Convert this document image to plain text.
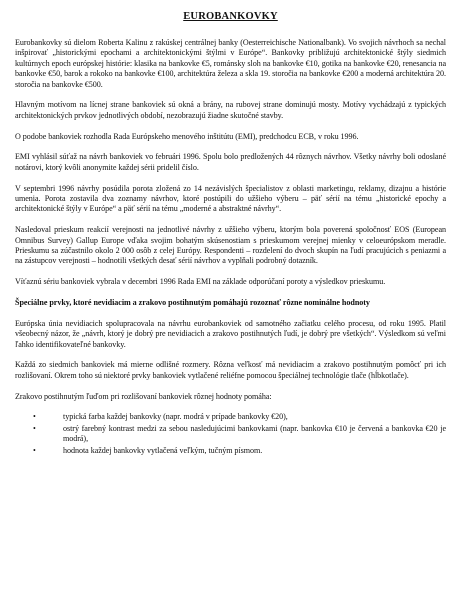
EUROBANKOVKY

Eurobankovky sú dielom Roberta Kalinu z rakúskej centrálnej banky (Oesterreichische Nationalbank). Vo svojich návrhoch sa nechal inšpirovať „historickými epochami a architektonickými štýlmi v Európe“. Bankovky približujú architektonické štýly siedmich kultúrnych epoch európskej histórie: klasika na bankovke €5, románsky sloh na bankovke €10, gotika na bankovke €20, renesancia na bankovke €50, barok a rokoko na bankovke €100, architektúra železa a skla 19. storočia na bankovke €200 a moderná architektúra 20. storočia na bankovke €500.

Hlavným motívom na lícnej strane bankoviek sú okná a brány, na rubovej strane dominujú mosty. Motívy vychádzajú z typických architektonických prvkov jednotlivých období, nezobrazujú žiadne skutočné stavby.

O podobe bankoviek rozhodla Rada Európskeho menového inštitútu (EMI), predchodcu ECB, v roku 1996.

EMI vyhlásil súťaž na návrh bankoviek vo februári 1996. Spolu bolo predložených 44 rôznych návrhov. Všetky návrhy boli odoslané notárovi, ktorý kvôli anonymite každej sérii pridelil číslo.

V septembri 1996 návrhy posúdila porota zložená zo 14 nezávislých špecialistov z oblasti marketingu, reklamy, dizajnu a histórie umenia. Porota zostavila dva zoznamy návrhov, ktoré postúpili do užšieho výberu – päť sérií na tému „historické epochy a architektonické štýly v Európe“ a päť sérií na tému „moderné a abstraktné návrhy“.

Nasledoval prieskum reakcií verejnosti na jednotlivé návrhy z užšieho výberu, ktorým bola poverená spoločnosť EOS (European Omnibus Survey) Gallup Europe vďaka svojim bohatým skúsenostiam s prieskumom verejnej mienky v celoeurópskom meradle. Prieskumu sa zúčastnilo okolo 2 000 osôb z celej Európy. Respondenti – rozdelení do dvoch skupín na ľudí pracujúcich s peniazmi a na zástupcov verejnosti – hodnotili všetkých desať sérií návrhov a vyplňali podrobný dotazník.

Víťaznú sériu bankoviek vybrala v decembri 1996 Rada EMI na základe odporúčaní poroty a výsledkov prieskumu.

Špeciálne prvky, ktoré nevidiacim a zrakovo postihnutým pomáhajú rozoznať rôzne nominálne hodnoty

Európska únia nevidiacich spolupracovala na návrhu eurobankoviek od samotného začiatku celého procesu, od roku 1995. Platil všeobecný názor, že „návrh, ktorý je dobrý pre nevidiacich a zrakovo postihnutých ľudí, je dobrý pre všetkých“. Výsledkom sú veľmi ľahko identifikovateľné bankovky.

Každá zo siedmich bankoviek má mierne odlišné rozmery. Rôzna veľkosť má nevidiacim a zrakovo postihnutým pomôcť pri ich rozlišovaní. Okrem toho sú niektoré prvky bankoviek vytlačené reliéfne pomocou špeciálnej technológie tlače (hĺbkotlače).

Zrakovo postihnutým ľuďom pri rozlišovaní bankoviek rôznej hodnoty pomáha:

•	typická farba každej bankovky (napr. modrá v prípade bankovky €20),
•	ostrý farebný kontrast medzi za sebou nasledujúcimi bankovkami (napr. bankovka €10 je červená a bankovka €20 je modrá),
•	hodnota každej bankovky vytlačená veľkým, tučným písmom.
